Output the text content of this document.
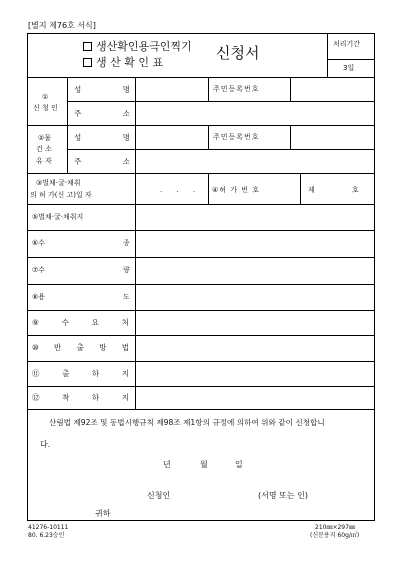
[별지 제76호 서식]
생산확인용극인찍기
생 산 확 인 표
신청서	처리기간
3일
①
신 청 인
성	명	주민등록번호
주	소
②물
건 소
유 자
성	명	주민등록번호
주	소
③벌채·굴·채취
의 허 가(신 고)일 자
. . . ④허 가 번 호	제	호
⑤벌채·굴·채취지
⑥수	종
⑦수	량
⑧용	도
⑨	수	요	처
⑩ 반 출 방 법
⑪	출	하	지
⑫	착	하	지
산림법 제92조 및 동법시행규칙 제98조 제1항의 규정에 의하여 위와 같이 신청합니
다.
년	월	일
신청인	(서명 또는 인)
귀하
41276-10111
80. 6.23승인
210㎜×297㎜
(신문용지 60g/㎡)
